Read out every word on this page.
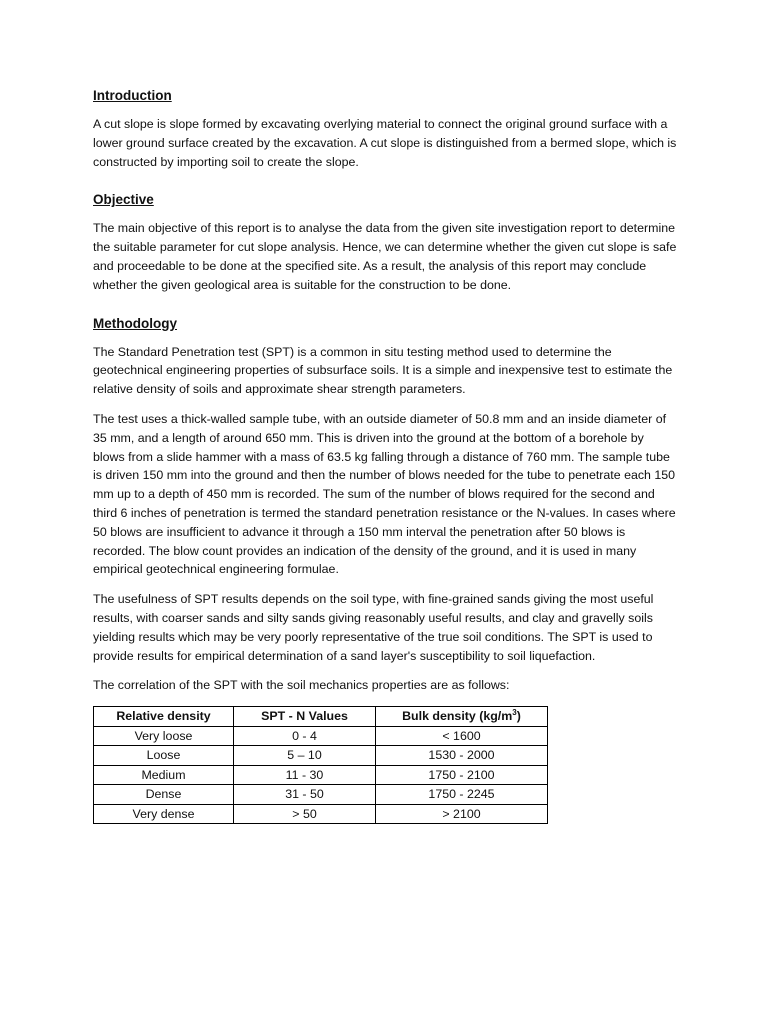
Introduction

A cut slope is slope formed by excavating overlying material to connect the original ground surface with a lower ground surface created by the excavation. A cut slope is distinguished from a bermed slope, which is constructed by importing soil to create the slope.

Objective

The main objective of this report is to analyse the data from the given site investigation report to determine the suitable parameter for cut slope analysis. Hence, we can determine whether the given cut slope is safe and proceedable to be done at the specified site. As a result, the analysis of this report may conclude whether the given geological area is suitable for the construction to be done.

Methodology

The Standard Penetration test (SPT) is a common in situ testing method used to determine the geotechnical engineering properties of subsurface soils. It is a simple and inexpensive test to estimate the relative density of soils and approximate shear strength parameters.

The test uses a thick-walled sample tube, with an outside diameter of 50.8 mm and an inside diameter of 35 mm, and a length of around 650 mm. This is driven into the ground at the bottom of a borehole by blows from a slide hammer with a mass of 63.5 kg falling through a distance of 760 mm. The sample tube is driven 150 mm into the ground and then the number of blows needed for the tube to penetrate each 150 mm up to a depth of 450 mm is recorded. The sum of the number of blows required for the second and third 6 inches of penetration is termed the standard penetration resistance or the N-values. In cases where 50 blows are insufficient to advance it through a 150 mm interval the penetration after 50 blows is recorded. The blow count provides an indication of the density of the ground, and it is used in many empirical geotechnical engineering formulae.

The usefulness of SPT results depends on the soil type, with fine-grained sands giving the most useful results, with coarser sands and silty sands giving reasonably useful results, and clay and gravelly soils yielding results which may be very poorly representative of the true soil conditions. The SPT is used to provide results for empirical determination of a sand layer's susceptibility to soil liquefaction.

The correlation of the SPT with the soil mechanics properties are as follows:

Relative density	SPT - N Values	Bulk density $(kg/m^3)$
Very loose	0 - 4	< 1600
Loose	5 – 10	1530 - 2000
Medium	11 - 30	1750 - 2100
Dense	31 - 50	1750 - 2245
Very dense	> 50	> 2100
